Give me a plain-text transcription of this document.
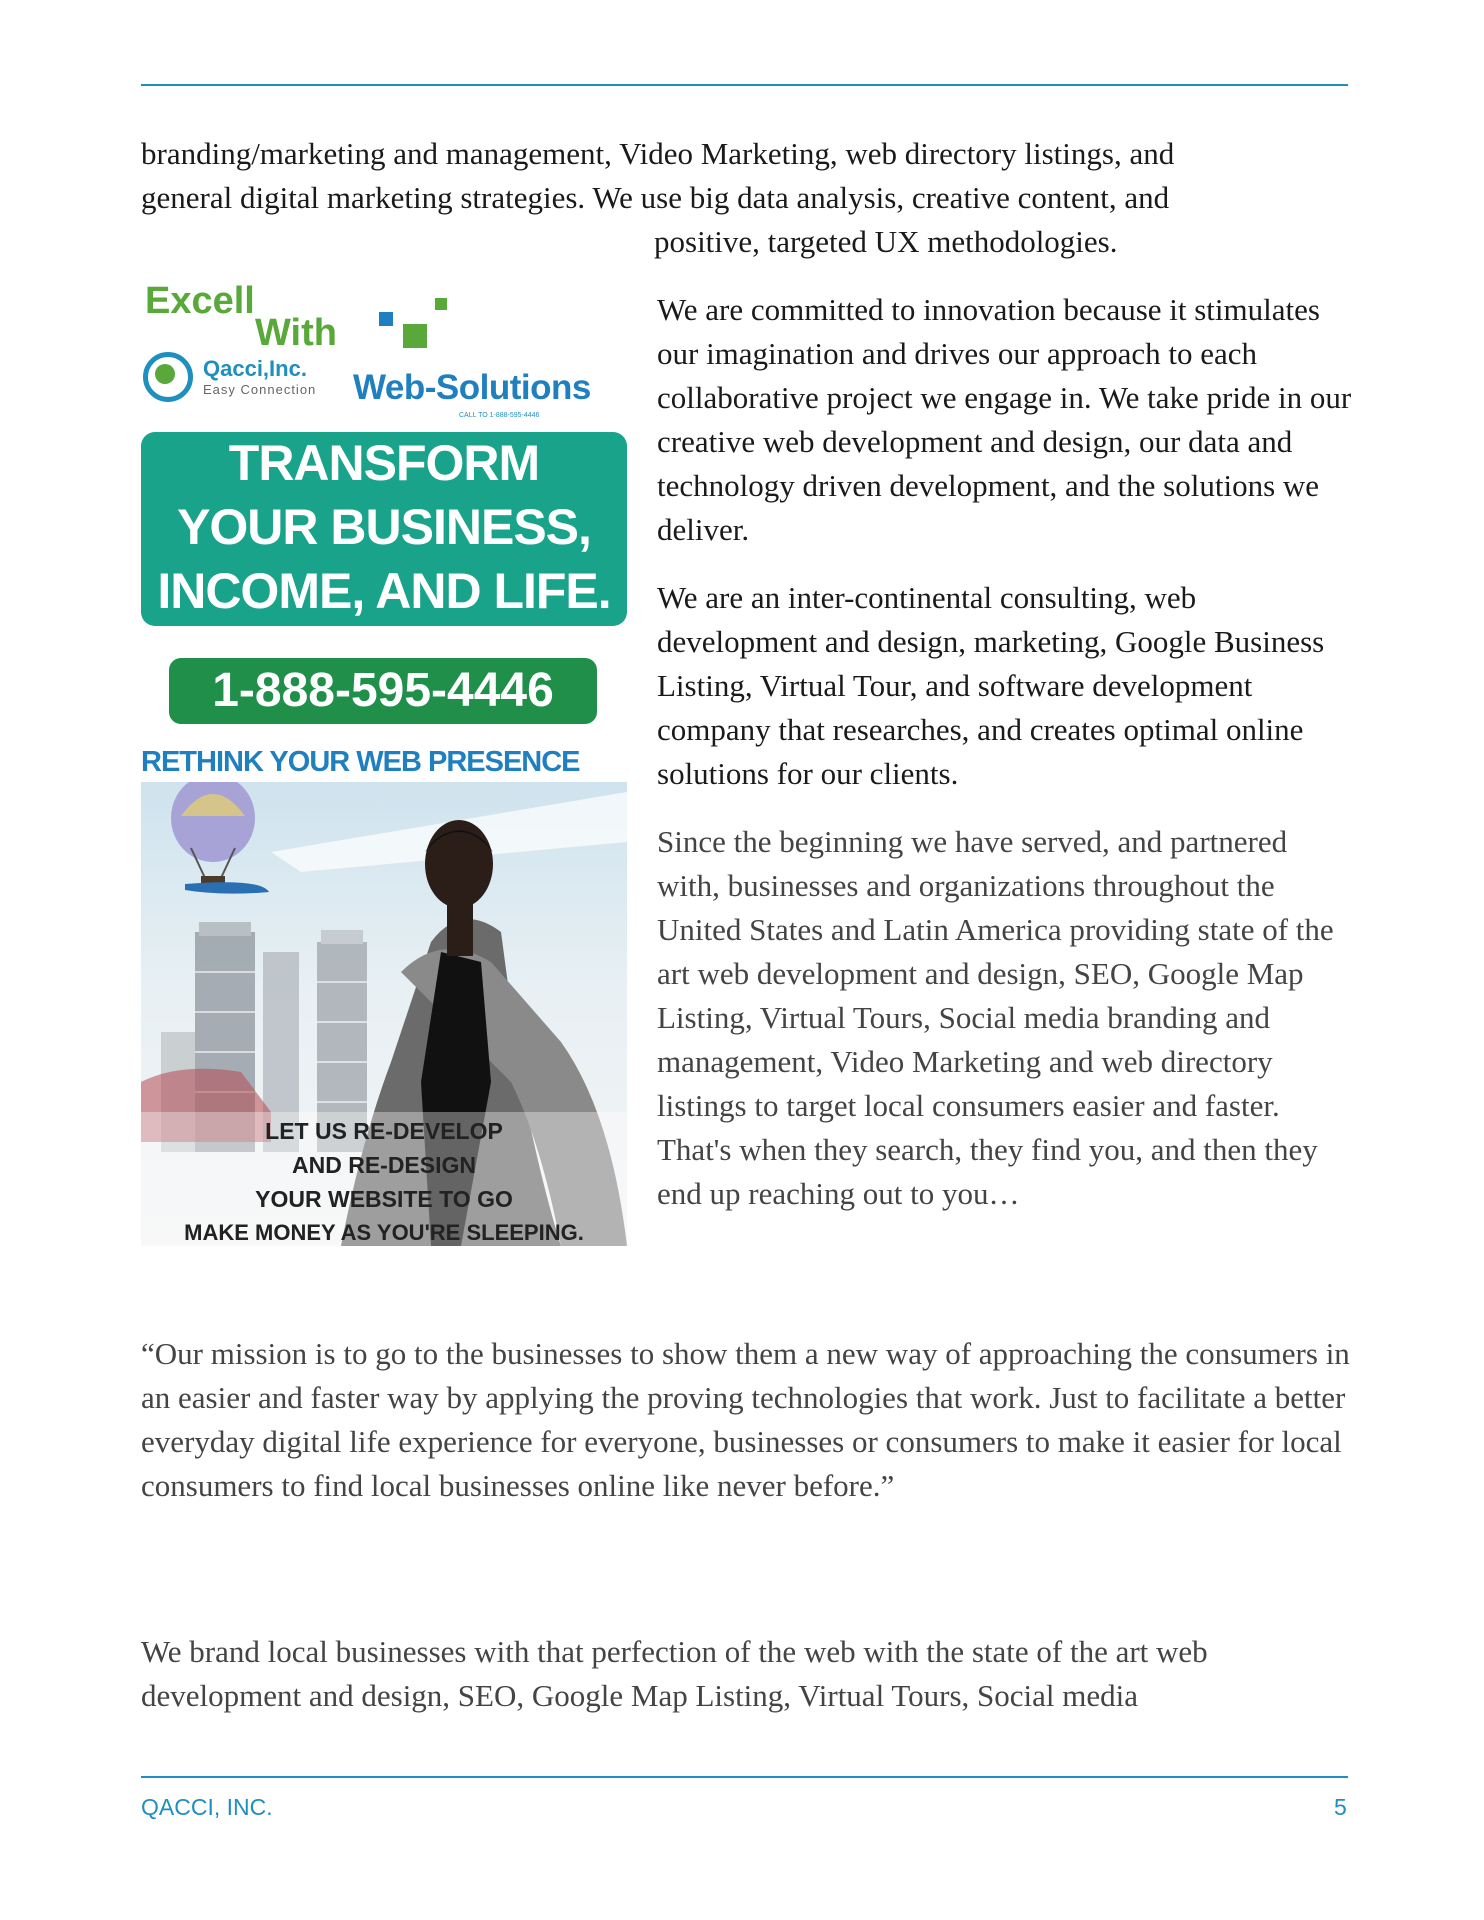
branding/marketing and management, Video Marketing, web directory listings, and

general digital marketing strategies. We use big data analysis, creative content, and

positive, targeted UX methodologies.

Excell
With
Qacci,Inc.
Easy Connection Web-Solutions
CALL TO 1-888-595-4446
TRANSFORM
YOUR BUSINESS,
INCOME, AND LIFE.
1-888-595-4446
RETHINK YOUR WEB PRESENCE
LET US RE-DEVELOP
AND RE-DESIGN
YOUR WEBSITE TO GO
MAKE MONEY AS YOU'RE SLEEPING.

We are committed to innovation because it stimulates our imagination and drives our approach to each collaborative project we engage in. We take pride in our creative web development and design, our data and technology driven development, and the solutions we deliver.

We are an inter-continental consulting, web development and design, marketing, Google Business Listing, Virtual Tour, and software development company that researches, and creates optimal online solutions for our clients.

Since the beginning we have served, and partnered with, businesses and organizations throughout the United States and Latin America providing state of the art web development and design, SEO, Google Map Listing, Virtual Tours, Social media branding and management, Video Marketing and web directory listings to target local consumers easier and faster. That's when they search, they find you, and then they end up reaching out to you…

“Our mission is to go to the businesses to show them a new way of approaching the consumers in an easier and faster way by applying the proving technologies that work. Just to facilitate a better everyday digital life experience for everyone, businesses or consumers to make it easier for local consumers to find local businesses online like never before.”

We brand local businesses with that perfection of the web with the state of the art web development and design, SEO, Google Map Listing, Virtual Tours, Social media

QACCI, INC.	5
